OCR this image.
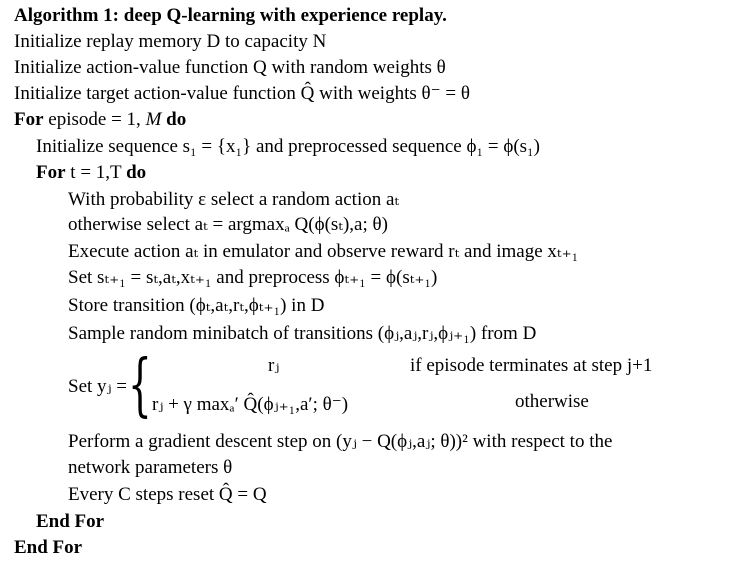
Algorithm 1: deep Q-learning with experience replay.
Initialize replay memory D to capacity N
Initialize action-value function Q with random weights θ
Initialize target action-value function Q̂ with weights θ⁻ = θ
For episode = 1, M do
Initialize sequence s₁ = {x₁} and preprocessed sequence ϕ₁ = ϕ(s₁)
For t = 1,T do
With probability ε select a random action aₜ
otherwise select aₜ = argmaxₐ Q(ϕ(sₜ),a; θ)
Execute action aₜ in emulator and observe reward rₜ and image xₜ₊₁
Set sₜ₊₁ = sₜ,aₜ,xₜ₊₁ and preprocess ϕₜ₊₁ = ϕ(sₜ₊₁)
Store transition (ϕₜ,aₜ,rₜ,ϕₜ₊₁) in D
Sample random minibatch of transitions (ϕⱼ,aⱼ,rⱼ,ϕⱼ₊₁) from D
Set yⱼ = {	rⱼ	if episode terminates at step j+1
rⱼ + γ maxₐ′ Q̂(ϕⱼ₊₁,a′; θ⁻)	otherwise
Perform a gradient descent step on (yⱼ − Q(ϕⱼ,aⱼ; θ))² with respect to the
network parameters θ
Every C steps reset Q̂ = Q
End For
End For
